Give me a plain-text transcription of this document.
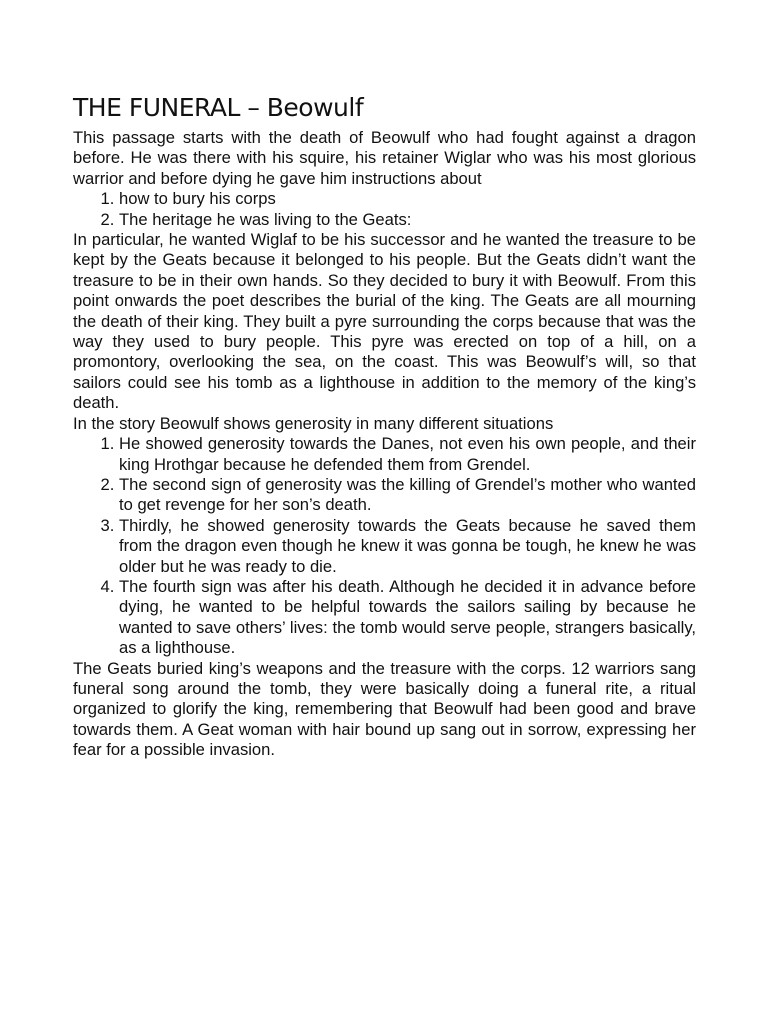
THE FUNERAL – Beowulf

This passage starts with the death of Beowulf who had fought against a dragon before. He was there with his squire, his retainer Wiglar who was his most glorious warrior and before dying he gave him instructions about

1. how to bury his corps
2. The heritage he was living to the Geats:

In particular, he wanted Wiglaf to be his successor and he wanted the treasure to be kept by the Geats because it belonged to his people. But the Geats didn’t want the treasure to be in their own hands. So they decided to bury it with Beowulf. From this point onwards the poet describes the burial of the king. The Geats are all mourning the death of their king. They built a pyre surrounding the corps because that was the way they used to bury people. This pyre was erected on top of a hill, on a promontory, overlooking the sea, on the coast. This was Beowulf’s will, so that sailors could see his tomb as a lighthouse in addition to the memory of the king’s death.

In the story Beowulf shows generosity in many different situations

1. He showed generosity towards the Danes, not even his own people, and their king Hrothgar because he defended them from Grendel.
2. The second sign of generosity was the killing of Grendel’s mother who wanted to get revenge for her son’s death.
3. Thirdly, he showed generosity towards the Geats because he saved them from the dragon even though he knew it was gonna be tough, he knew he was older but he was ready to die.
4. The fourth sign was after his death. Although he decided it in advance before dying, he wanted to be helpful towards the sailors sailing by because he wanted to save others’ lives: the tomb would serve people, strangers basically, as a lighthouse.

The Geats buried king’s weapons and the treasure with the corps. 12 warriors sang funeral song around the tomb, they were basically doing a funeral rite, a ritual organized to glorify the king, remembering that Beowulf had been good and brave towards them. A Geat woman with hair bound up sang out in sorrow, expressing her fear for a possible invasion.
